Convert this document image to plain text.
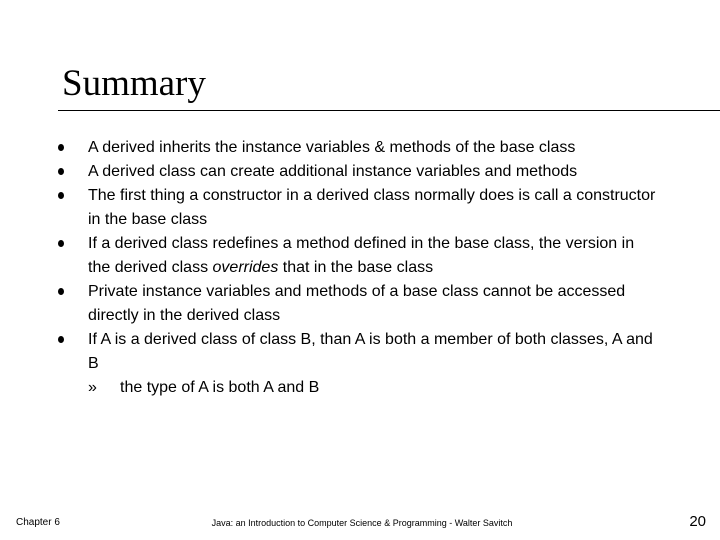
Summary
A derived inherits the instance variables & methods of the base class
A derived class can create additional instance variables and methods
The first thing a constructor in a derived class normally does is call a constructor in the base class
If a derived class redefines a method defined in the base class, the version in the derived class overrides that in the base class
Private instance variables and methods of a base class cannot be accessed directly in the derived class
If A is a derived class of class B, than A is both a member of both classes, A and B
» the type of A is both A and B
Chapter 6	Java: an Introduction to Computer Science & Programming - Walter Savitch	20
